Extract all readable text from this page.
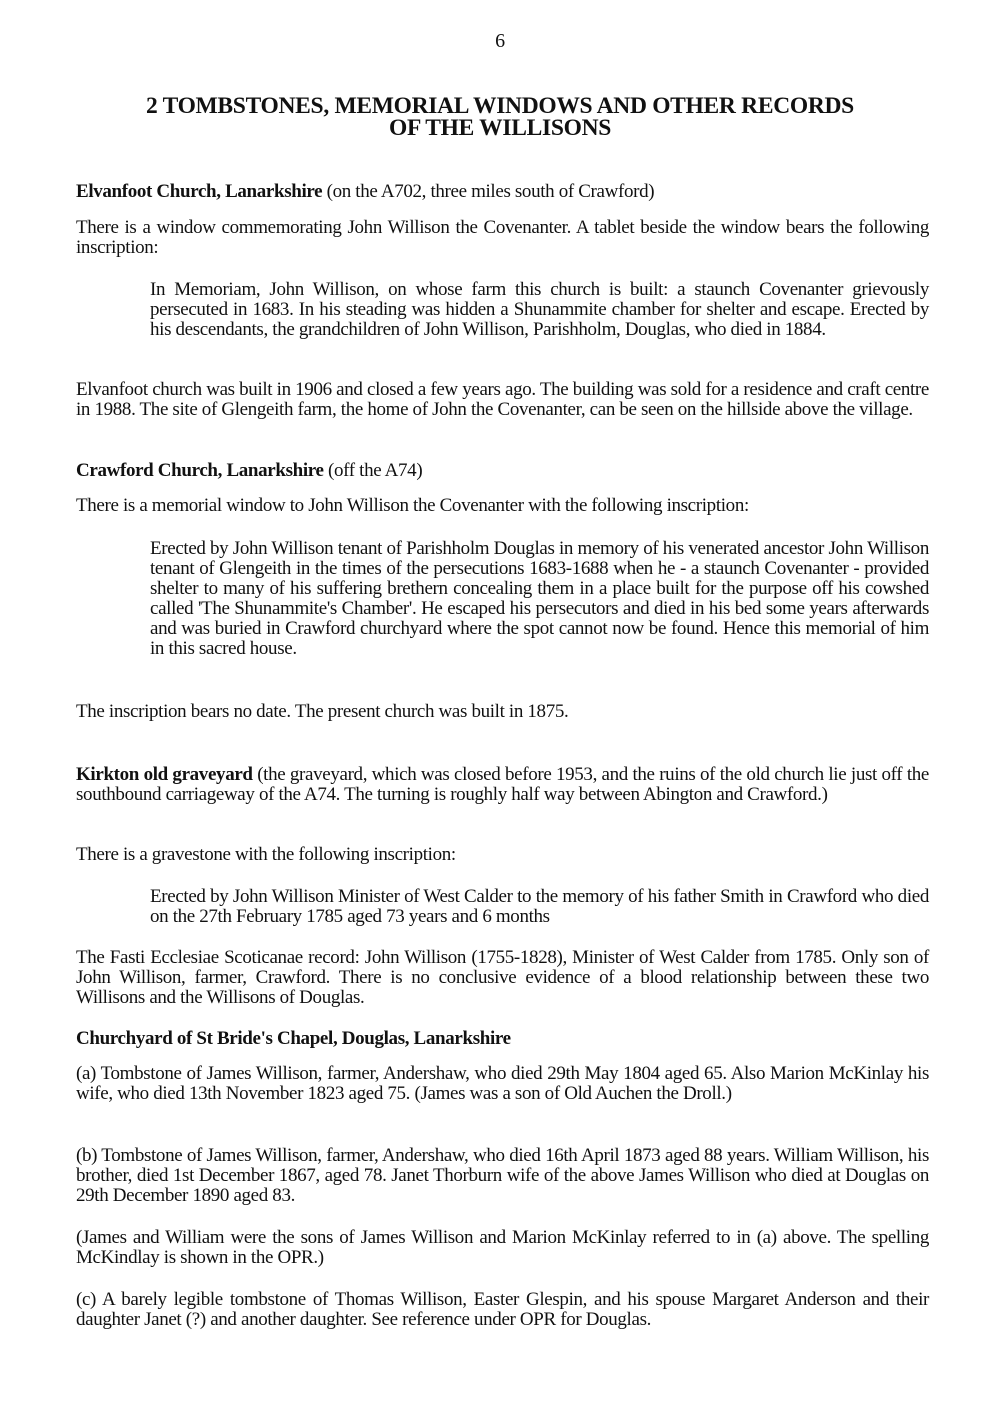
6
2 TOMBSTONES, MEMORIAL WINDOWS AND OTHER RECORDS
OF THE WILLISONS
Elvanfoot Church, Lanarkshire (on the A702, three miles south of Crawford)
There is a window commemorating John Willison the Covenanter. A tablet beside the window bears the following inscription:
In Memoriam, John Willison, on whose farm this church is built: a staunch Covenanter grievously persecuted in 1683. In his steading was hidden a Shunammite chamber for shelter and escape. Erected by his descendants, the grandchildren of John Willison, Parishholm, Douglas, who died in 1884.
Elvanfoot church was built in 1906 and closed a few years ago. The building was sold for a residence and craft centre in 1988. The site of Glengeith farm, the home of John the Covenanter, can be seen on the hillside above the village.
Crawford Church, Lanarkshire (off the A74)
There is a memorial window to John Willison the Covenanter with the following inscription:
Erected by John Willison tenant of Parishholm Douglas in memory of his venerated ancestor John Willison tenant of Glengeith in the times of the persecutions 1683-1688 when he - a staunch Covenanter - provided shelter to many of his suffering brethern concealing them in a place built for the purpose off his cowshed called 'The Shunammite's Chamber'. He escaped his persecutors and died in his bed some years afterwards and was buried in Crawford churchyard where the spot cannot now be found. Hence this memorial of him in this sacred house.
The inscription bears no date. The present church was built in 1875.
Kirkton old graveyard (the graveyard, which was closed before 1953, and the ruins of the old church lie just off the southbound carriageway of the A74. The turning is roughly half way between Abington and Crawford.)
There is a gravestone with the following inscription:
Erected by John Willison Minister of West Calder to the memory of his father Smith in Crawford who died on the 27th February 1785 aged 73 years and 6 months
The Fasti Ecclesiae Scoticanae record: John Willison (1755-1828), Minister of West Calder from 1785. Only son of John Willison, farmer, Crawford. There is no conclusive evidence of a blood relationship between these two Willisons and the Willisons of Douglas.
Churchyard of St Bride's Chapel, Douglas, Lanarkshire
(a) Tombstone of James Willison, farmer, Andershaw, who died 29th May 1804 aged 65. Also Marion McKinlay his wife, who died 13th November 1823 aged 75. (James was a son of Old Auchen the Droll.)
(b) Tombstone of James Willison, farmer, Andershaw, who died 16th April 1873 aged 88 years. William Willison, his brother, died 1st December 1867, aged 78. Janet Thorburn wife of the above James Willison who died at Douglas on 29th December 1890 aged 83.
(James and William were the sons of James Willison and Marion McKinlay referred to in (a) above. The spelling McKindlay is shown in the OPR.)
(c) A barely legible tombstone of Thomas Willison, Easter Glespin, and his spouse Margaret Anderson and their daughter Janet (?) and another daughter. See reference under OPR for Douglas.
